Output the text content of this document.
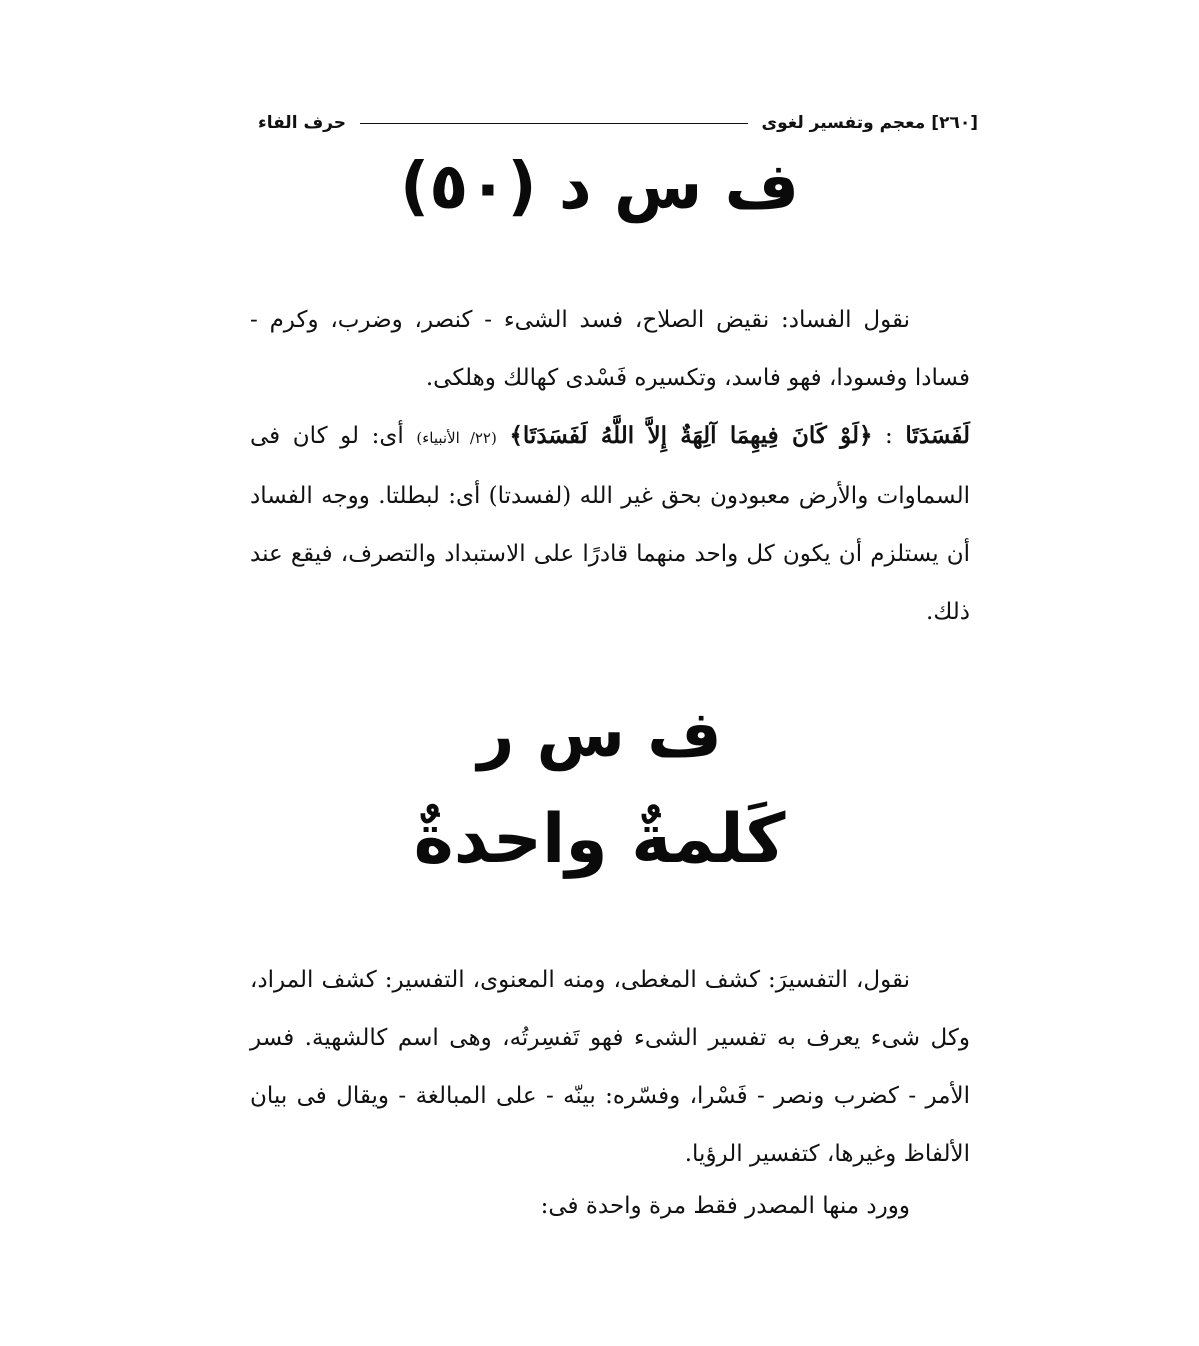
[٢٦٠]
معجم وتفسير لغوى
حرف الفاء
ف س د (٥٠)
نقول الفساد: نقيض الصلاح، فسد الشىء - كنصر، وضرب، وكرم - فسادا وفسودا، فهو فاسد، وتكسيره فَسْدى كهالك وهلكى.
لَفَسَدَتَا : ﴿لَوْ كَانَ فِيهِمَا آلِهَةٌ إِلاَّ اللَّهُ لَفَسَدَتَا﴾ (٢٢/ الأنبياء) أى: لو كان فى السماوات والأرض معبودون بحق غير الله (لفسدتا) أى: لبطلتا. ووجه الفساد أن يستلزم أن يكون كل واحد منهما قادرًا على الاستبداد والتصرف، فيقع عند ذلك.
ف س ر
كَلمةٌ واحدةٌ
نقول، التفسيرَ: كشف المغطى، ومنه المعنوى، التفسير: كشف المراد، وكل شىء يعرف به تفسير الشىء فهو تَفسِرتُه، وهى اسم كالشهية. فسر الأمر - كضرب ونصر - فَسْرا، وفسّره: بينّه - على المبالغة - ويقال فى بيان الألفاظ وغيرها، كتفسير الرؤيا.
وورد منها المصدر فقط مرة واحدة فى:
